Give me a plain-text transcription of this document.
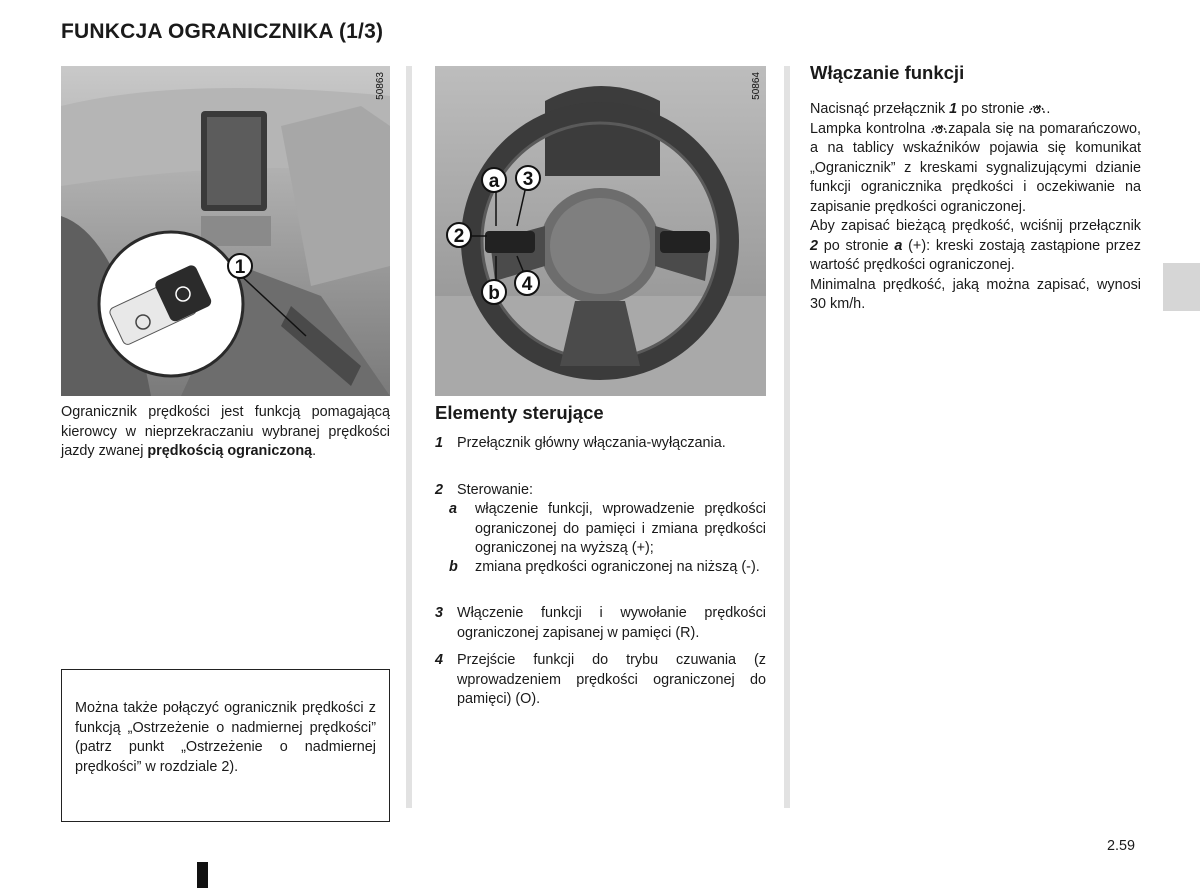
FUNKCJA OGRANICZNIKA (1/3)
1
50863
a 3
2
b 4
50864
Ogranicznik prędkości jest funkcją pomagającą kierowcy w nieprzekraczaniu wybranej prędkości jazdy zwanej prędkością ograniczoną.
Można także połączyć ogranicznik prędkości z funkcją „Ostrzeżenie o nadmiernej prędkości” (patrz punkt „Ostrzeżenie o nadmiernej prędkości” w rozdziale 2).
Elementy sterujące
1 Przełącznik główny włączania-wyłączania.
2 Sterowanie:
a włączenie funkcji, wprowadzenie prędkości ograniczonej do pamięci i zmiana prędkości ograniczonej na wyższą (+);
b zmiana prędkości ograniczonej na niższą (-).
3 Włączenie funkcji i wywołanie prędkości ograniczonej zapisanej w pamięci (R).
4 Przejście funkcji do trybu czuwania (z wprowadzeniem prędkości ograniczonej do pamięci) (O).
Włączanie funkcji

Nacisnąć przełącznik 1 po stronie .

Lampka kontrolna zapala się na pomarańczowo, a na tablicy wskaźników pojawia się komunikat „Ogranicznik” z kreskami sygnalizującymi dzianie funkcji ogranicznika prędkości i oczekiwanie na zapisanie prędkości ograniczonej.

Aby zapisać bieżącą prędkość, wciśnij przełącznik 2 po stronie a (+): kreski zostają zastąpione przez wartość prędkości ograniczonej.

Minimalna prędkość, jaką można zapisać, wynosi 30 km/h.

2.59
